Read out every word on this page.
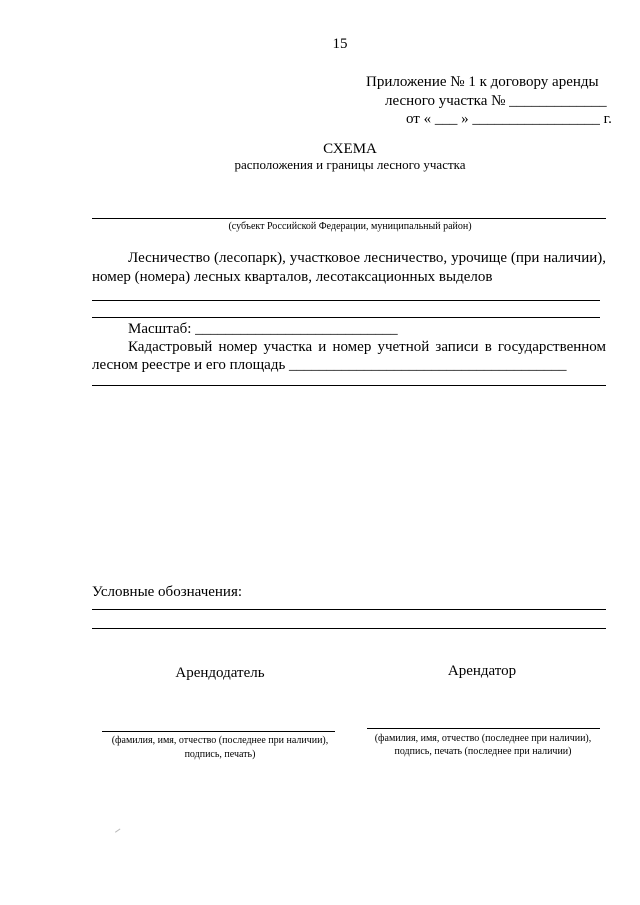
15
Приложение № 1 к договору аренды
лесного участка № _____________
от « ___ » _________________ г.
СХЕМА
расположения и границы лесного участка
(субъект Российской Федерации, муниципальный район)
Лесничество (лесопарк), участковое лесничество, урочище (при наличии),
номер (номера) лесных кварталов, лесотаксационных выделов
Масштаб: ___________________________
Кадастровый номер участка и номер учетной записи в государственном
лесном реестре и его площадь _____________________________________
Условные обозначения:
Арендодатель
(фамилия, имя, отчество (последнее при наличии),
подпись, печать)
Арендатор
(фамилия, имя, отчество (последнее при наличии),
подпись, печать (последнее при наличии)
